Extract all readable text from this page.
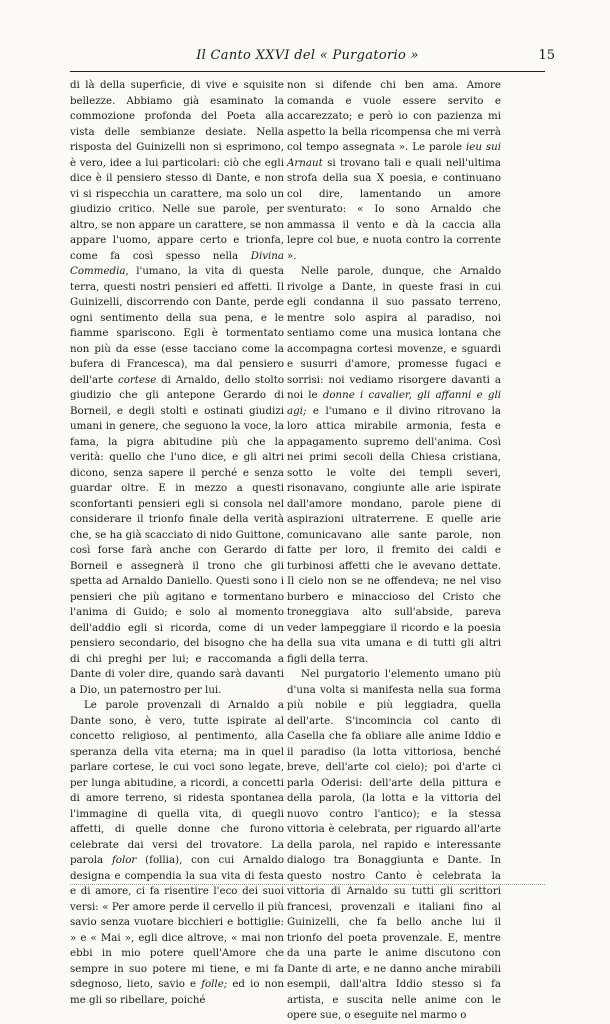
Il Canto XXVI del « Purgatorio »	15

di là della superficie, di vive e squisite bellezze. Abbiamo già esaminato la commozione profonda del Poeta alla vista delle sembianze desiate. Nella risposta del Guinizelli non si esprimono, è vero, idee a lui particolari: ciò che egli dice è il pensiero stesso di Dante, e non vi si rispecchia un carattere, ma solo un giudizio critico. Nelle sue parole, per altro, se non appare un carattere, se non appare l'uomo, appare certo e trionfa, come fa così spesso nella Divina Commedia, l'umano, la vita di questa terra, questi nostri pensieri ed affetti. Il Guinizelli, discorrendo con Dante, perde ogni sentimento della sua pena, e le fiamme spariscono. Egli è tormentato non più da esse (esse tacciano come la bufera di Francesca), ma dal pensiero dell'arte cortese di Arnaldo, dello stolto giudizio che gli antepone Gerardo di Borneil, e degli stolti e ostinati giudizi umani in genere, che seguono la voce, la fama, la pigra abitudine più che la verità: quello che l'uno dice, e gli altri dicono, senza sapere il perché e senza guardar oltre. E in mezzo a questi sconfortanti pensieri egli si consola nel considerare il trionfo finale della verità che, se ha già scacciato di nido Guittone, così forse farà anche con Gerardo di Borneil e assegnerà il trono che gli spetta ad Arnaldo Daniello. Questi sono i pensieri che più agitano e tormentano l'anima di Guido; e solo al momento dell'addio egli si ricorda, come di un pensiero secondario, del bisogno che ha di chi preghi per lui; e raccomanda a Dante di voler dire, quando sarà davanti a Dio, un paternostro per lui.

Le parole provenzali di Arnaldo a Dante sono, è vero, tutte ispirate al concetto religioso, al pentimento, alla speranza della vita eterna; ma in quel parlare cortese, le cui voci sono legate, per lunga abitudine, a ricordi, a concetti di amore terreno, si ridesta spontanea l'immagine di quella vita, di quegli affetti, di quelle donne che furono celebrate dai versi del trovatore. La parola folor (follia), con cui Arnaldo designa e compendia la sua vita di festa e di amore, ci fa risentire l'eco dei suoi versi: « Per amore perde il cervello il più savio senza vuotare bicchieri e bottiglie: » e « Mai », egli dice altrove, « mai non ebbi in mio potere quell'Amore che sempre in suo potere mi tiene, e mi fa sdegnoso, lieto, savio e folle; ed io non me gli so ribellare, poiché

non si difende chi ben ama. Amore comanda e vuole essere servito e accarezzato; e però io con pazienza mi aspetto la bella ricompensa che mi verrà col tempo assegnata ». Le parole ieu sui Arnaut si trovano tali e quali nell'ultima strofa della sua X poesia, e continuano col dire, lamentando un amore sventurato: « Io sono Arnaldo che ammassa il vento e dà la caccia alla lepre col bue, e nuota contro la corrente ».

Nelle parole, dunque, che Arnaldo rivolge a Dante, in queste frasi in cui egli condanna il suo passato terreno, mentre solo aspira al paradiso, noi sentiamo come una musica lontana che accompagna cortesi movenze, e sguardi e susurri d'amore, promesse fugaci e sorrisi: noi vediamo risorgere davanti a noi le donne i cavalier, gli affanni e gli agi; e l'umano e il divino ritrovano la loro attica mirabile armonia, festa e appagamento supremo dell'anima. Così nei primi secoli della Chiesa cristiana, sotto le volte dei templi severi, risonavano, congiunte alle arie ispirate dall'amore mondano, parole piene di aspirazioni ultraterrene. E quelle arie comunicavano alle sante parole, non fatte per loro, il fremito dei caldi e turbinosi affetti che le avevano dettate. Il cielo non se ne offendeva; ne nel viso burbero e minaccioso del Cristo che troneggiava alto sull'abside, pareva veder lampeggiare il ricordo e la poesia della sua vita umana e di tutti gli altri figli della terra.

Nel purgatorio l'elemento umano più d'una volta si manifesta nella sua forma più nobile e più leggiadra, quella dell'arte. S'incomincia col canto di Casella che fa obliare alle anime Iddio e il paradiso (la lotta vittoriosa, benché breve, dell'arte col cielo); poi d'arte ci parla Oderisi: dell'arte della pittura e della parola, (la lotta e la vittoria del nuovo contro l'antico); e la stessa vittoria è celebrata, per riguardo all'arte della parola, nel rapido e interessante dialogo tra Bonaggiunta e Dante. In questo nostro Canto è celebrata la vittoria di Arnaldo su tutti gli scrittori francesi, provenzali e italiani fino al Guinizelli, che fa bello anche lui il trionfo del poeta provenzale. E, mentre da una parte le anime discutono con Dante di arte, e ne danno anche mirabili esempii, dall'altra Iddio stesso si fa artista, e suscita nelle anime con le opere sue, o eseguite nel marmo o
